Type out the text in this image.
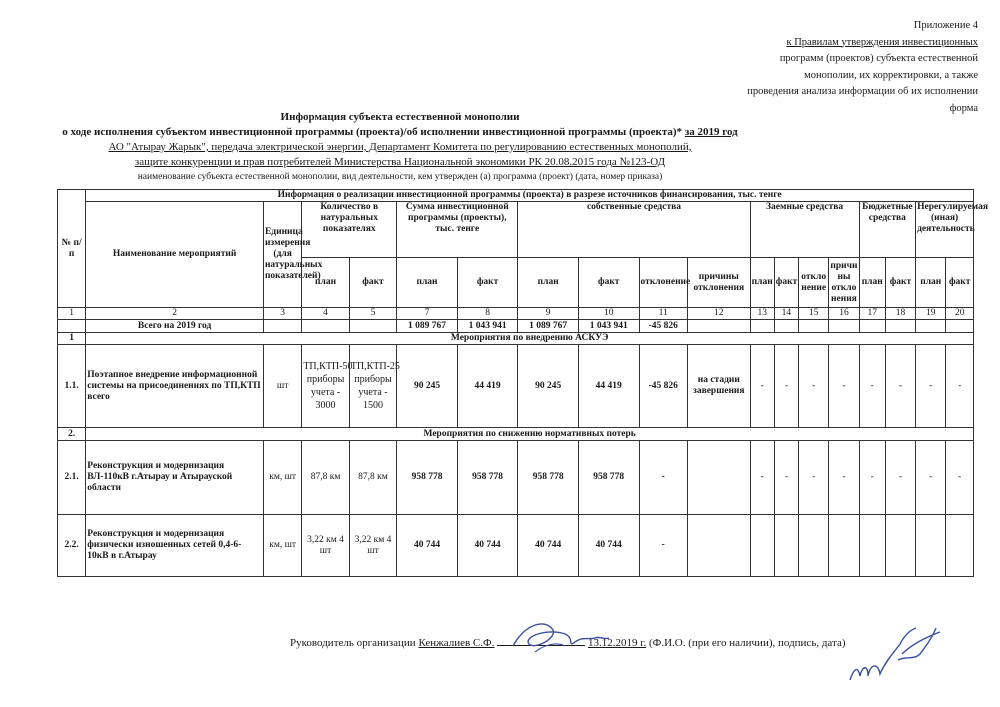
Приложение 4
к Правилам утверждения инвестиционных
программ (проектов) субъекта естественной
монополии, их корректировки, а также
проведения анализа информации об их исполнении
форма
Информация субъекта естественной монополии
о ходе исполнения субъектом инвестиционной программы (проекта)/об исполнении инвестиционной программы (проекта)* за 2019 год
АО "Атырау Жарык", передача электрической энергии, Департамент Комитета по регулированию естественных монополий,
защите конкуренции и прав потребителей Министерства Национальной экономики РК 20.08.2015 года №123-ОД
наименование субъекта естественной монополии, вид деятельности, кем утвержден (а) программа (проект) (дата, номер приказа)
№ п/п	Информация о реализации инвестиционной программы (проекта) в разрезе источников финансирования, тыс. тенге																	
	Наименование мероприятий	Единица измерения (для натуральных показателей)	Количество в натуральных показателях		Сумма инвестиционной программы (проекты), тыс. тенге		собственные средства				Заемные средства				Бюджетные средства		Нерегулируемая (иная) деятельность	
			план	факт	план	факт	план	факт	отклонение	причины отклонения	план	факт	откло нение	причи ны откло нения	план	факт	план	факт
1	2	3	4	5	7	8	9	10	11	12	13	14	15	16	17	18	19	20
	Всего на 2019 год				1 089 767	1 043 941	1 089 767	1 043 941	-45 826									
1	Мероприятия по внедрению АСКУЭ																	
1.1.	Поэтапное внедрение информационной системы на присоединениях по ТП,КТП всего	шт	ТП,КТП-50 приборы учета - 3000	ТП,КТП-25 приборы учета - 1500	90 245	44 419	90 245	44 419	-45 826	на стадии завершения	-	-	-	-	-	-	-	-
2.	Мероприятия по снижению нормативных потерь																	
2.1.	Реконструкция и модернизация ВЛ-110кВ г.Атырау и Атырауской области	км, шт	87,8 км	87,8 км	958 778	958 778	958 778	958 778	-		-	-	-	-	-	-	-	-
2.2.	Реконструкция и модернизация физически изношенных сетей 0,4-6-10кВ в г.Атырау	км, шт	3,22 км 4 шт	3,22 км 4 шт	40 744	40 744	40 744	40 744	-									
Руководитель организации Кенжалиев С.Ф.	13.12.2019 г. (Ф.И.О. (при его наличии), подпись, дата)
